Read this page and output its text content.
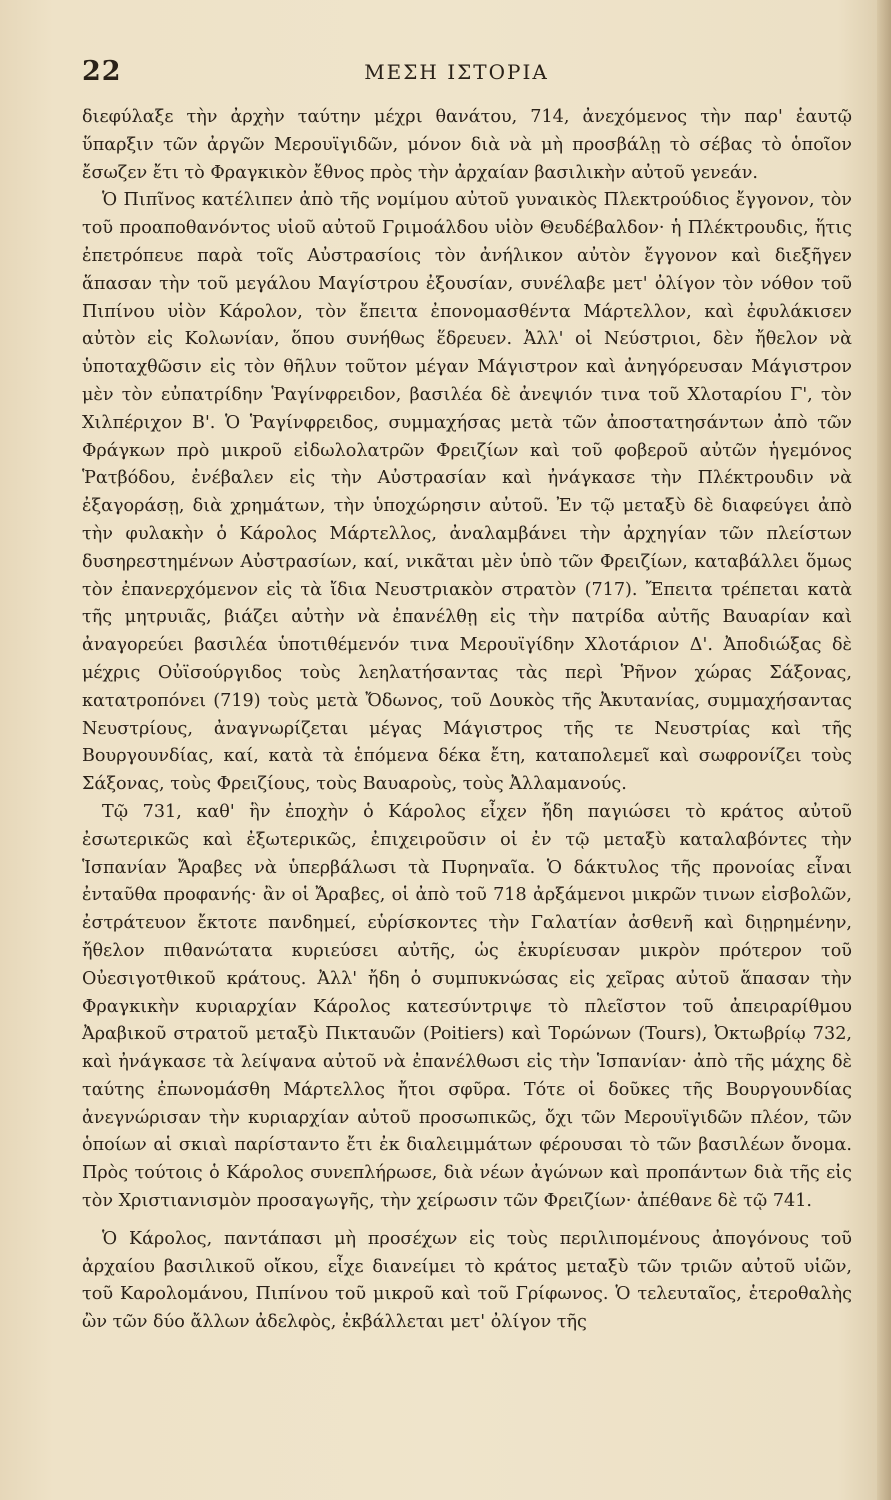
22	ΜΕΣΗ ΙΣΤΟΡΙΑ

διεφύλαξε τὴν ἀρχὴν ταύτην μέχρι θανάτου, 714, ἀνεχόμενος τὴν παρ' ἑαυτῷ ὕπαρξιν τῶν ἀργῶν Μερουϊγιδῶν, μόνον διὰ νὰ μὴ προσβάλῃ τὸ σέβας τὸ ὁποῖον ἔσωζεν ἔτι τὸ Φραγκικὸν ἔθνος πρὸς τὴν ἀρχαίαν βασιλικὴν αὐτοῦ γενεάν.

Ὁ Πιπῖνος κατέλιπεν ἀπὸ τῆς νομίμου αὐτοῦ γυναικὸς Πλεκτρούδιος ἔγγονον, τὸν τοῦ προαποθανόντος υἱοῦ αὐτοῦ Γριμοάλδου υἱὸν Θευδέβαλδον· ἡ Πλέκτρουδις, ἥτις ἐπετρόπευε παρὰ τοῖς Αὐστρασίοις τὸν ἀνήλικον αὐτὸν ἔγγονον καὶ διεξῆγεν ἅπασαν τὴν τοῦ μεγάλου Μαγίστρου ἐξουσίαν, συνέλαβε μετ' ὀλίγον τὸν νόθον τοῦ Πιπίνου υἱὸν Κάρολον, τὸν ἔπειτα ἐπονομασθέντα Μάρτελλον, καὶ ἐφυλάκισεν αὐτὸν εἰς Κολωνίαν, ὅπου συνήθως ἕδρευεν. Ἀλλ' οἱ Νεύστριοι, δὲν ἤθελον νὰ ὑποταχθῶσιν εἰς τὸν θῆλυν τοῦτον μέγαν Μάγιστρον καὶ ἀνηγόρευσαν Μάγιστρον μὲν τὸν εὐπατρίδην Ῥαγίνφρειδον, βασιλέα δὲ ἀνεψιόν τινα τοῦ Χλοταρίου Γ', τὸν Χιλπέριχον Β'. Ὁ Ῥαγίνφρειδος, συμμαχήσας μετὰ τῶν ἀποστατησάντων ἀπὸ τῶν Φράγκων πρὸ μικροῦ εἰδωλολατρῶν Φρειζίων καὶ τοῦ φοβεροῦ αὐτῶν ἡγεμόνος Ῥατβόδου, ἐνέβαλεν εἰς τὴν Αὐστρασίαν καὶ ἠνάγκασε τὴν Πλέκτρουδιν νὰ ἐξαγοράσῃ, διὰ χρημάτων, τὴν ὑποχώρησιν αὐτοῦ. Ἐν τῷ μεταξὺ δὲ διαφεύγει ἀπὸ τὴν φυλακὴν ὁ Κάρολος Μάρτελλος, ἀναλαμβάνει τὴν ἀρχηγίαν τῶν πλείστων δυσηρεστημένων Αὐστρασίων, καί, νικᾶται μὲν ὑπὸ τῶν Φρειζίων, καταβάλλει ὅμως τὸν ἐπανερχόμενον εἰς τὰ ἴδια Νευστριακὸν στρατὸν (717). Ἔπειτα τρέπεται κατὰ τῆς μητρυιᾶς, βιάζει αὐτὴν νὰ ἐπανέλθῃ εἰς τὴν πατρίδα αὐτῆς Βαυαρίαν καὶ ἀναγορεύει βασιλέα ὑποτιθέμενόν τινα Μερουϊγίδην Χλοτάριον Δ'. Ἀποδιώξας δὲ μέχρις Οὐϊσούργιδος τοὺς λεηλατήσαντας τὰς περὶ Ῥῆνον χώρας Σάξονας, κατατροπόνει (719) τοὺς μετὰ Ὄδωνος, τοῦ Δουκὸς τῆς Ἀκυτανίας, συμμαχήσαντας Νευστρίους, ἀναγνωρίζεται μέγας Μάγιστρος τῆς τε Νευστρίας καὶ τῆς Βουργουνδίας, καί, κατὰ τὰ ἑπόμενα δέκα ἔτη, καταπολεμεῖ καὶ σωφρονίζει τοὺς Σάξονας, τοὺς Φρειζίους, τοὺς Βαυαροὺς, τοὺς Ἀλλαμανούς.

Τῷ 731, καθ' ἣν ἐποχὴν ὁ Κάρολος εἶχεν ἤδη παγιώσει τὸ κράτος αὐτοῦ ἐσωτερικῶς καὶ ἐξωτερικῶς, ἐπιχειροῦσιν οἱ ἐν τῷ μεταξὺ καταλαβόντες τὴν Ἱσπανίαν Ἄραβες νὰ ὑπερβάλωσι τὰ Πυρηναῖα. Ὁ δάκτυλος τῆς προνοίας εἶναι ἐνταῦθα προφανής· ἂν οἱ Ἄραβες, οἱ ἀπὸ τοῦ 718 ἀρξάμενοι μικρῶν τινων εἰσβολῶν, ἐστράτευον ἔκτοτε πανδημεί, εὑρίσκοντες τὴν Γαλατίαν ἀσθενῆ καὶ διῃρημένην, ἤθελον πιθανώτατα κυριεύσει αὐτῆς, ὡς ἐκυρίευσαν μικρὸν πρότερον τοῦ Οὐεσιγοτθικοῦ κράτους. Ἀλλ' ἤδη ὁ συμπυκνώσας εἰς χεῖρας αὐτοῦ ἅπασαν τὴν Φραγκικὴν κυριαρχίαν Κάρολος κατεσύντριψε τὸ πλεῖστον τοῦ ἀπειραρίθμου Ἀραβικοῦ στρατοῦ μεταξὺ Πικταυῶν (Poitiers) καὶ Τορώνων (Tours), Ὀκτωβρίῳ 732, καὶ ἠνάγκασε τὰ λείψανα αὐτοῦ νὰ ἐπανέλθωσι εἰς τὴν Ἱσπανίαν· ἀπὸ τῆς μάχης δὲ ταύτης ἐπωνομάσθη Μάρτελλος ἤτοι σφῦρα. Τότε οἱ δοῦκες τῆς Βουργουνδίας ἀνεγνώρισαν τὴν κυριαρχίαν αὐτοῦ προσωπικῶς, ὄχι τῶν Μερουϊγιδῶν πλέον, τῶν ὁποίων αἱ σκιαὶ παρίσταντο ἔτι ἐκ διαλειμμάτων φέρουσαι τὸ τῶν βασιλέων ὄνομα. Πρὸς τούτοις ὁ Κάρολος συνεπλήρωσε, διὰ νέων ἀγώνων καὶ προπάντων διὰ τῆς εἰς τὸν Χριστιανισμὸν προσαγωγῆς, τὴν χείρωσιν τῶν Φρειζίων· ἀπέθανε δὲ τῷ 741.

Ὁ Κάρολος, παντάπασι μὴ προσέχων εἰς τοὺς περιλιπομένους ἀπογόνους τοῦ ἀρχαίου βασιλικοῦ οἴκου, εἶχε διανείμει τὸ κράτος μεταξὺ τῶν τριῶν αὐτοῦ υἱῶν, τοῦ Καρολομάνου, Πιπίνου τοῦ μικροῦ καὶ τοῦ Γρίφωνος. Ὁ τελευταῖος, ἑτεροθαλὴς ὢν τῶν δύο ἄλλων ἀδελφὸς, ἐκβάλλεται μετ' ὀλίγον τῆς
